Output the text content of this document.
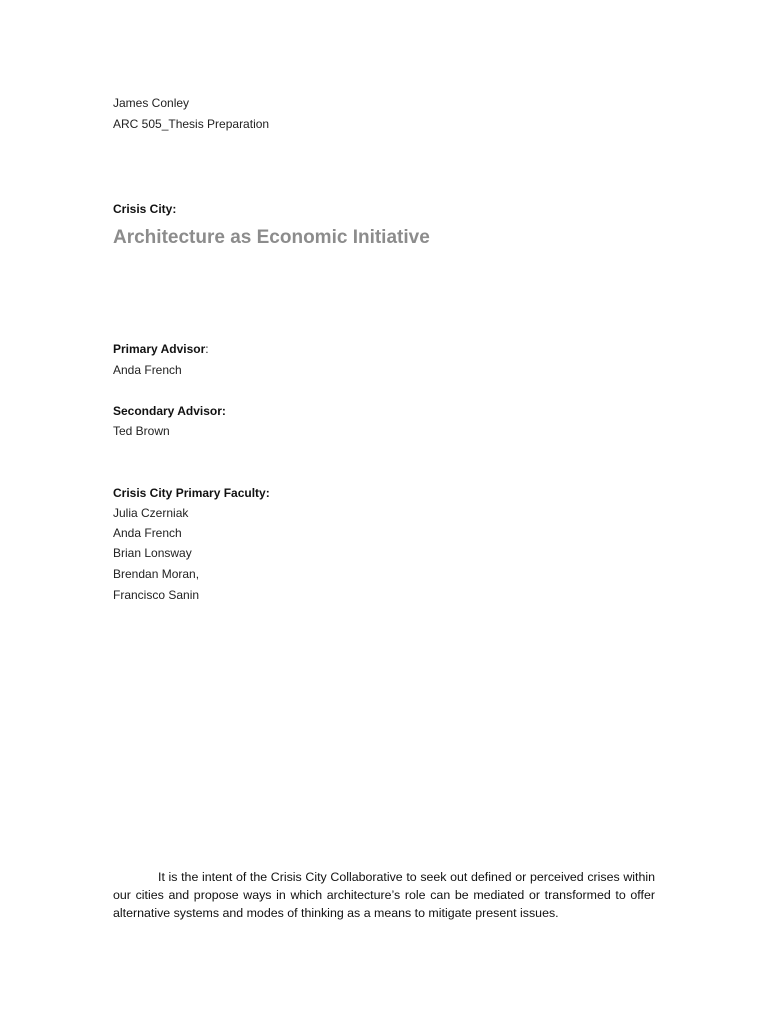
James Conley
ARC 505_Thesis Preparation
Crisis City:
Architecture as Economic Initiative
Primary Advisor:
Anda French
Secondary Advisor:
Ted Brown
Crisis City Primary Faculty:
Julia Czerniak
Anda French
Brian Lonsway
Brendan Moran,
Francisco Sanin

It is the intent of the Crisis City Collaborative to seek out defined or perceived crises within our cities and propose ways in which architecture’s role can be mediated or transformed to offer alternative systems and modes of thinking as a means to mitigate present issues.
